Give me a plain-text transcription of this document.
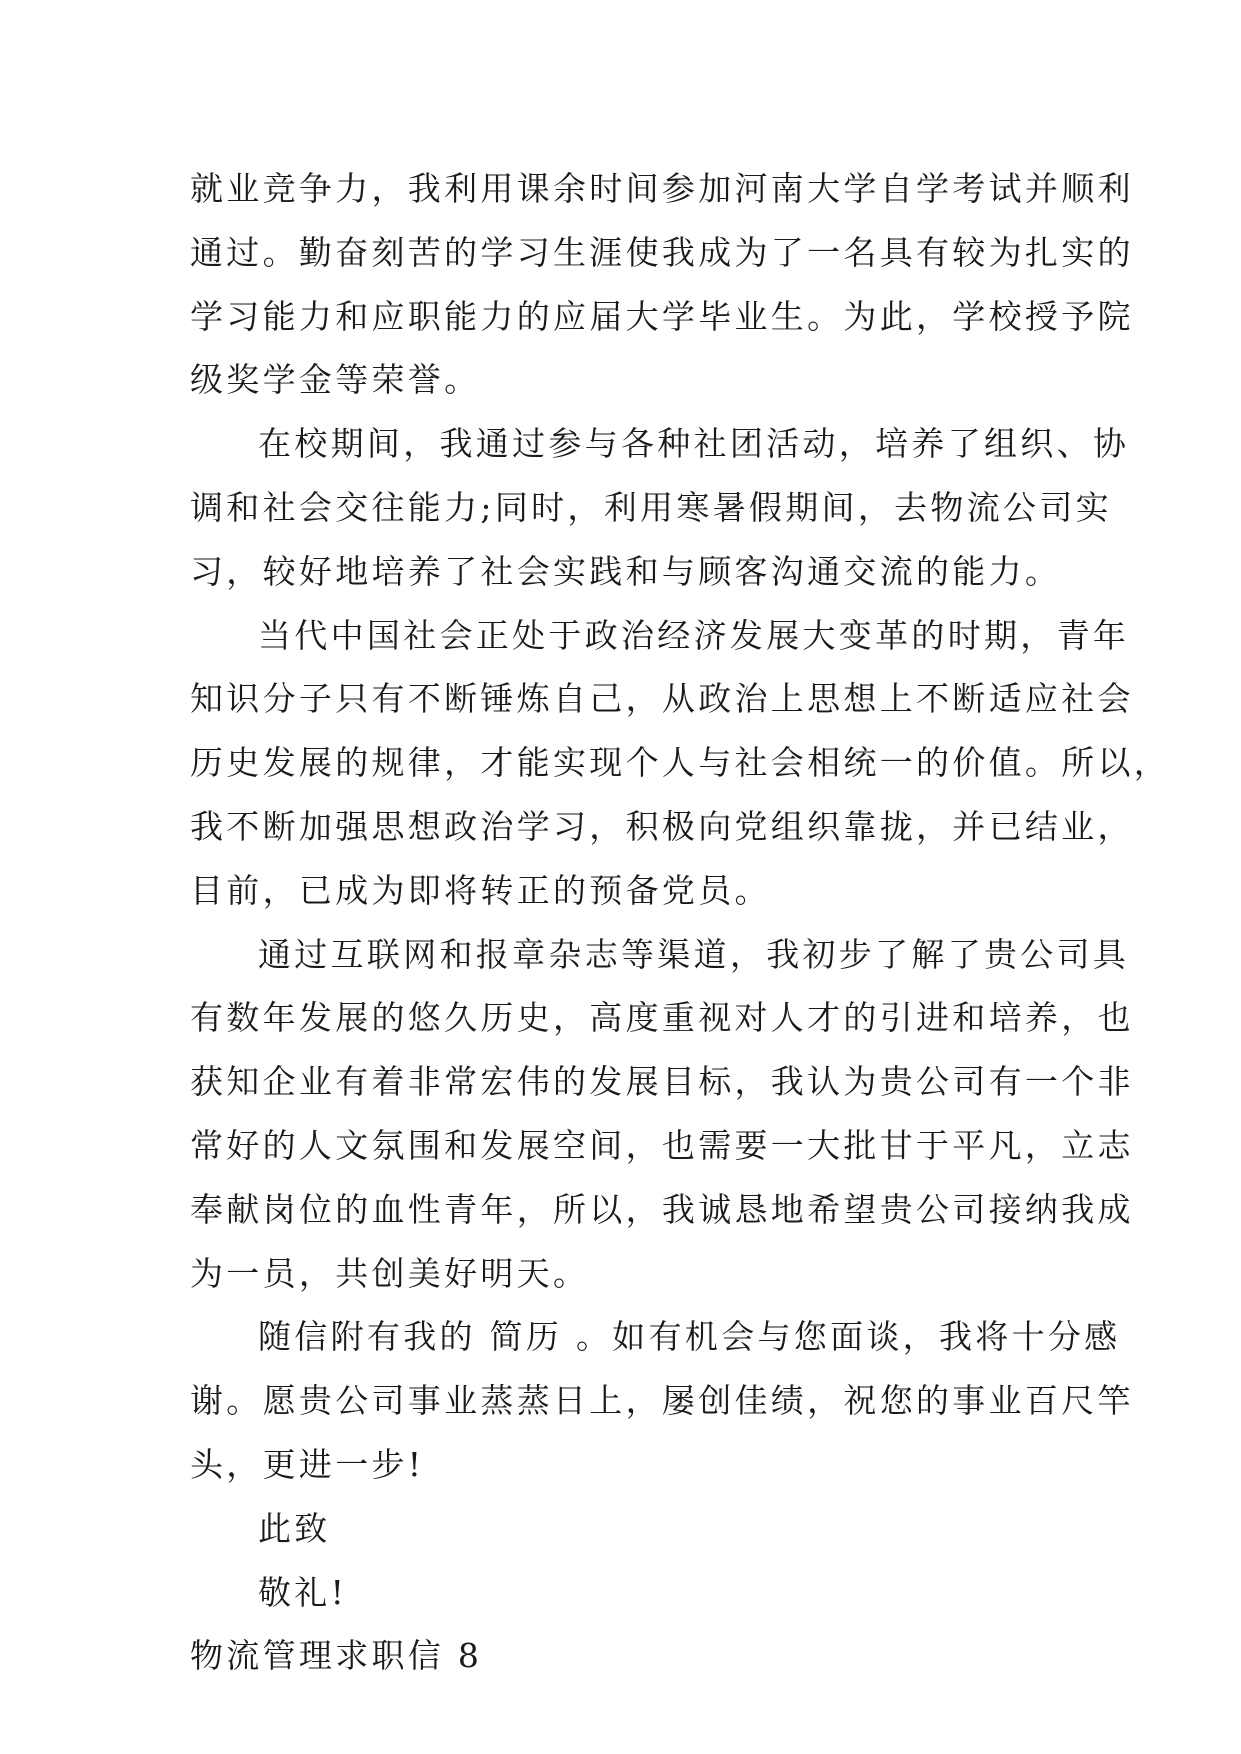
就业竞争力，我利用课余时间参加河南大学自学考试并顺利
通过。勤奋刻苦的学习生涯使我成为了一名具有较为扎实的
学习能力和应职能力的应届大学毕业生。为此，学校授予院
级奖学金等荣誉。
在校期间，我通过参与各种社团活动，培养了组织、协
调和社会交往能力;同时，利用寒暑假期间，去物流公司实
习，较好地培养了社会实践和与顾客沟通交流的能力。
当代中国社会正处于政治经济发展大变革的时期，青年
知识分子只有不断锤炼自己，从政治上思想上不断适应社会
历史发展的规律，才能实现个人与社会相统一的价值。所以，
我不断加强思想政治学习，积极向党组织靠拢，并已结业，
目前，已成为即将转正的预备党员。
通过互联网和报章杂志等渠道，我初步了解了贵公司具
有数年发展的悠久历史，高度重视对人才的引进和培养，也
获知企业有着非常宏伟的发展目标，我认为贵公司有一个非
常好的人文氛围和发展空间，也需要一大批甘于平凡，立志
奉献岗位的血性青年，所以，我诚恳地希望贵公司接纳我成
为一员，共创美好明天。
随信附有我的 简历 。如有机会与您面谈，我将十分感
谢。愿贵公司事业蒸蒸日上，屡创佳绩，祝您的事业百尺竿
头，更进一步!
此致
敬礼!
物流管理求职信 8
